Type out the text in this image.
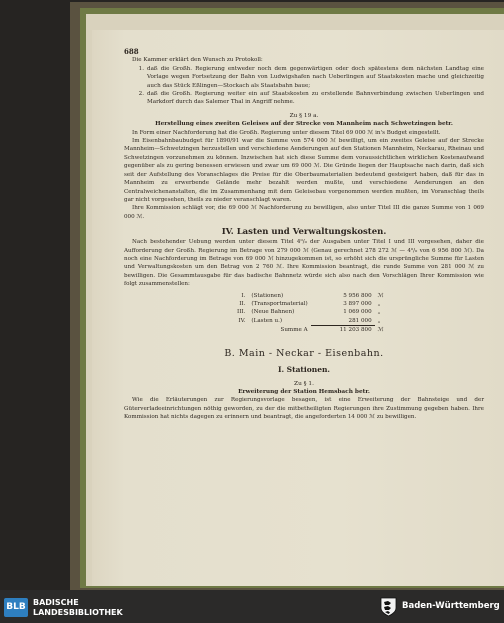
688

Die Kammer erklärt den Wunsch zu Protokoll:

1. daß die Großh. Regierung entweder noch dem gegenwärtigen oder doch spätestens dem nächsten Landtag eine Vorlage wegen Fortsetzung der Bahn von Ludwigshafen nach Ueberlingen auf Staatskosten mache und gleichzeitig auch das Stück Eßlingen—Stockach als Staatsbahn baue;
2. daß die Großh. Regierung weiter ein auf Staatskosten zu erstellende Bahnverbindung zwischen Ueberlingen und Markdorf durch das Salemer Thal in Angriff nehme.

Zu § 19 a.

Herstellung eines zweiten Geleises auf der Strecke von Mannheim nach Schwetzingen betr.

In Form einer Nachforderung hat die Großh. Regierung unter diesem Titel 69 000 ℳ in's Budget eingestellt.

Im Eisenbahnbaubudget für 1890/91 war die Summe von 574 000 ℳ bewilligt, um ein zweites Geleise auf der Strecke Mannheim—Schwetzingen herzustellen und verschiedene Aenderungen auf den Stationen Mannheim, Neckarau, Rheinau und Schwetzingen vorzunehmen zu können. Inzwischen hat sich diese Summe dem voraussichtlichen wirklichen Kostenaufwand gegenüber als zu gering benessen erwiesen und zwar um 69 000 ℳ. Die Gründe liegen der Hauptsache nach darin, daß sich seit der Aufstellung des Voranschlages die Preise für die Oberbaumaterialien bedeutend gesteigert haben, daß für das in Mannheim zu erwerbende Gelände mehr bezahlt werden mußte, und verschiedene Aenderungen an den Centralweichenanstalten, die im Zusammenhang mit dem Geleisebau vorgenommen werden mußten, im Voranschlag theils gar nicht vorgesehen, theils zu nieder veranschlagt waren.

Ihre Kommission schlägt vor, die 69 000 ℳ Nachforderung zu bewilligen, also unter Titel III die ganze Summe von 1 069 000 ℳ.

IV. Lasten und Verwaltungskosten.

Nach bestehender Uebung werden unter diesem Titel 4⁰/₀ der Ausgaben unter Titel I und III vorgesehen, daher die Aufforderung der Großh. Regierung im Betrage von 279 000 ℳ (Genau gerechnet 278 272 ℳ — 4⁰/₀ von 6 956 800 ℳ). Da noch eine Nachforderung im Betrage von 69 000 ℳ hinzugekommen ist, so erhöht sich die ursprüngliche Summe für Lasten und Verwaltungskosten um den Betrag von 2 760 ℳ. Ihre Kommission beantragt, die runde Summe von 281 000 ℳ zu bewilligen. Die Gesammtausgabe für das badische Bahnnetz würde sich also nach den Vorschlägen Ihrer Kommission wie folgt zusammenstellen:

I.	(Stationen)	5 956 800	ℳ
II.	(Transportmaterial)	3 897 000	„
III.	(Neue Bahnen)	1 069 000	„
IV.	(Lasten u.)	281 000	„
	Summe A	11 203 800	ℳ

B. Main - Neckar - Eisenbahn.

I. Stationen.

Zu § 1.

Erweiterung der Station Hemsbach betr.

Wie die Erläuterungen zur Regierungsvorlage besagen, ist eine Erweiterung der Bahnsteige und der Güterverladeeinrichtungen nöthig geworden, zu der die mitbetheiligten Regierungen ihre Zustimmung gegeben haben. Ihre Kommission hat nichts dagegen zu erinnern und beantragt, die angeforderten 14 000 ℳ zu bewilligen.

BLB BADISCHE
LANDESBIBLIOTHEK
Baden-Württemberg
